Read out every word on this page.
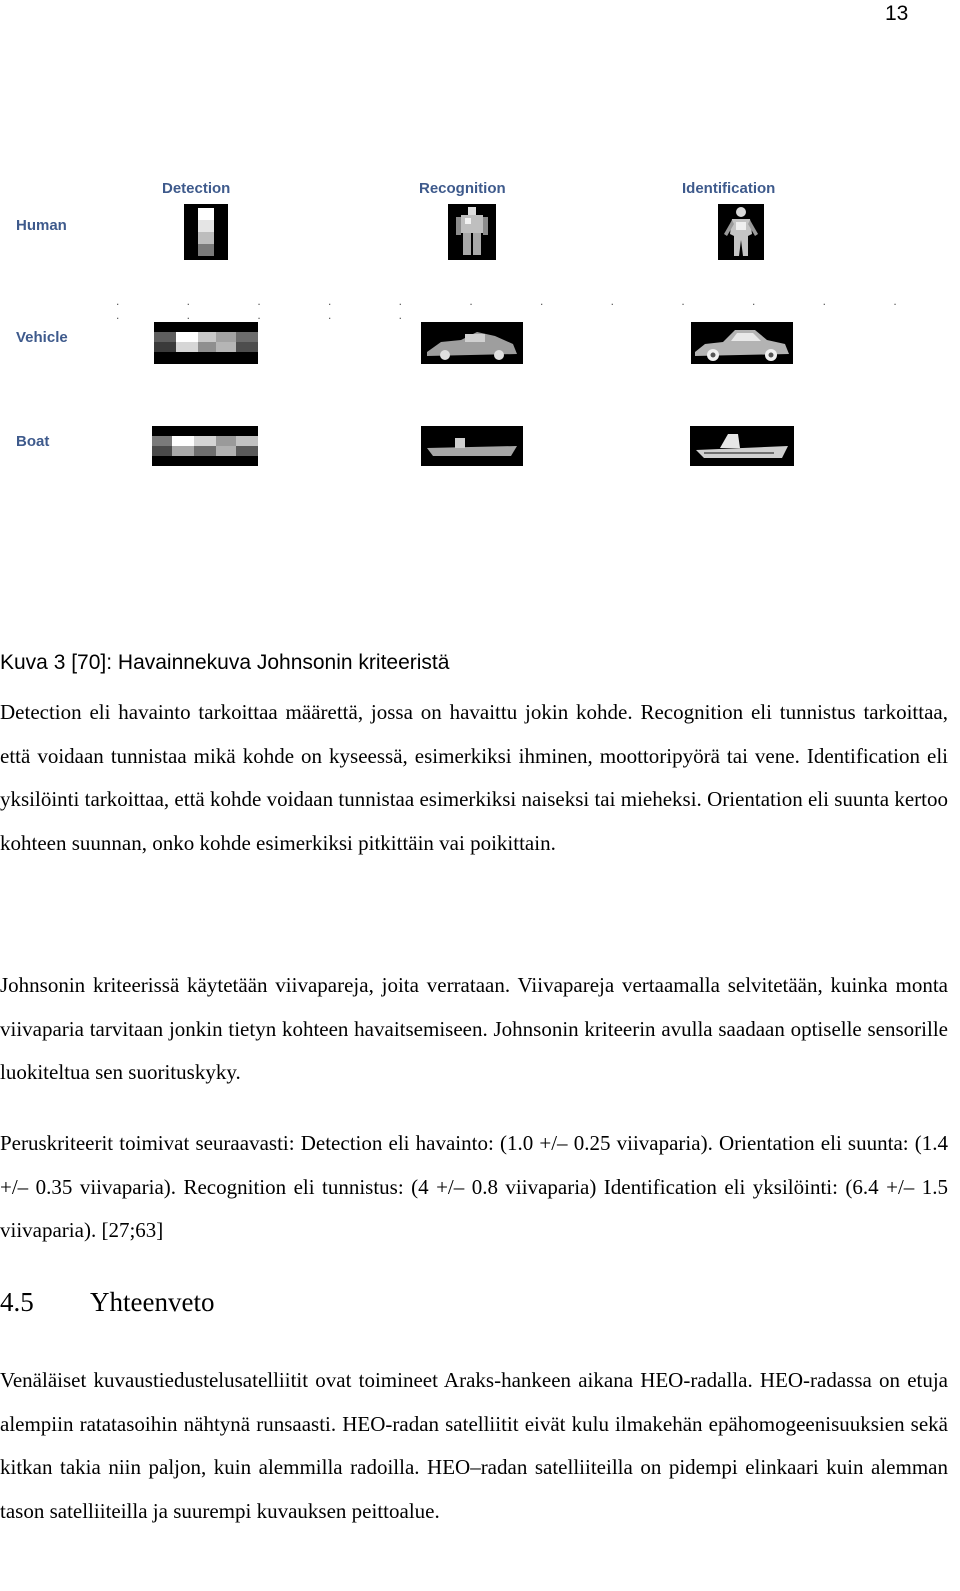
13
Detection	Recognition	Identification
Human
Vehicle
Boat
. . . . . . . . . . . . . . . . .
Kuva 3 [70]: Havainnekuva Johnsonin kriteeristä

Detection eli havainto tarkoittaa määrettä, jossa on havaittu jokin kohde. Recognition eli tunnistus tarkoittaa, että voidaan tunnistaa mikä kohde on kyseessä, esimerkiksi ihminen, moottoripyörä tai vene. Identification eli yksilöinti tarkoittaa, että kohde voidaan tunnistaa esimerkiksi naiseksi tai mieheksi. Orientation eli suunta kertoo kohteen suunnan, onko kohde esimerkiksi pitkittäin vai poikittain.

Johnsonin kriteerissä käytetään viivapareja, joita verrataan. Viivapareja vertaamalla selvitetään, kuinka monta viivaparia tarvitaan jonkin tietyn kohteen havaitsemiseen. Johnsonin kriteerin avulla saadaan optiselle sensorille luokiteltua sen suorituskyky.

Peruskriteerit toimivat seuraavasti: Detection eli havainto: (1.0 +/– 0.25 viivaparia). Orientation eli suunta: (1.4 +/– 0.35 viivaparia). Recognition eli tunnistus: (4 +/– 0.8 viivaparia) Identification eli yksilöinti: (6.4 +/– 1.5 viivaparia). [27;63]

4.5 Yhteenveto

Venäläiset kuvaustiedustelusatelliitit ovat toimineet Araks-hankeen aikana HEO-radalla. HEO-radassa on etuja alempiin ratatasoihin nähtynä runsaasti. HEO-radan satelliitit eivät kulu ilmakehän epähomogeenisuuksien sekä kitkan takia niin paljon, kuin alemmilla radoilla. HEO–radan satelliiteilla on pidempi elinkaari kuin alemman tason satelliiteilla ja suurempi kuvauksen peittoalue.
